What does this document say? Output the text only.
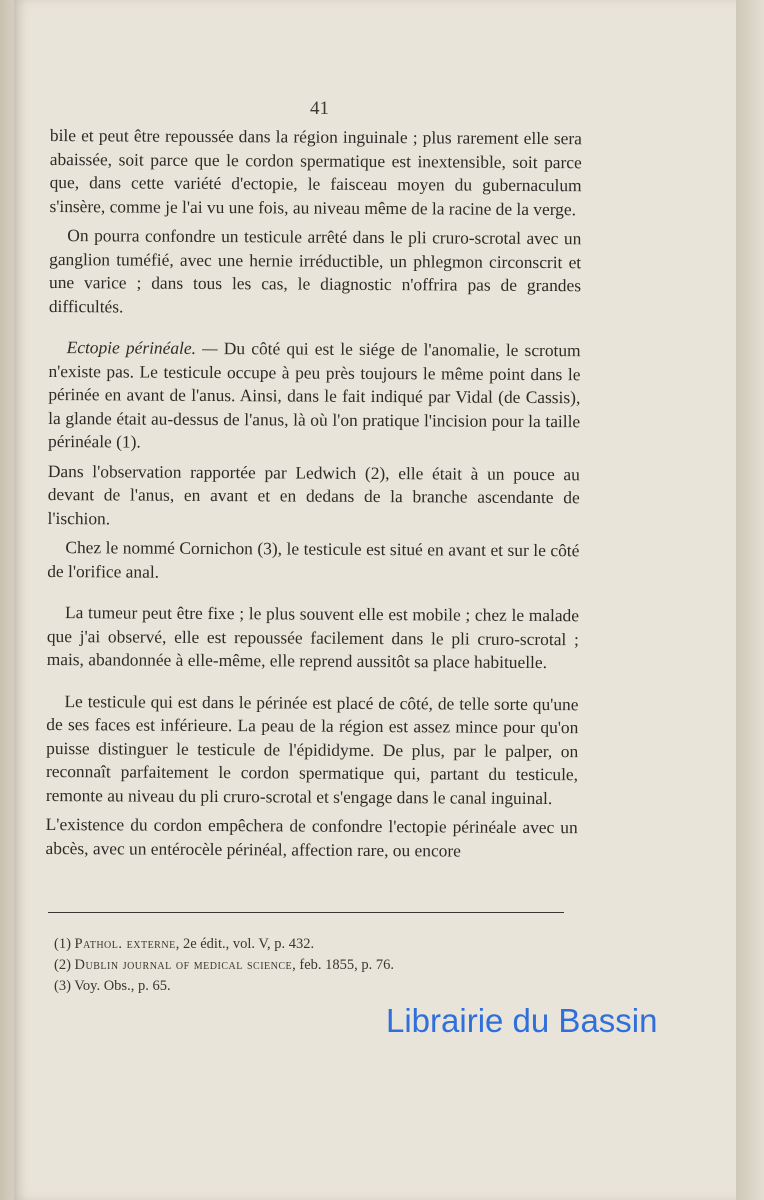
41

bile et peut être repoussée dans la région inguinale ; plus rarement elle sera abaissée, soit parce que le cordon spermatique est inextensible, soit parce que, dans cette variété d'ectopie, le faisceau moyen du gubernaculum s'insère, comme je l'ai vu une fois, au niveau même de la racine de la verge.

On pourra confondre un testicule arrêté dans le pli cruro-scrotal avec un ganglion tuméfié, avec une hernie irréductible, un phlegmon circonscrit et une varice ; dans tous les cas, le diagnostic n'offrira pas de grandes difficultés.

Ectopie périnéale. — Du côté qui est le siége de l'anomalie, le scrotum n'existe pas. Le testicule occupe à peu près toujours le même point dans le périnée en avant de l'anus. Ainsi, dans le fait indiqué par Vidal (de Cassis), la glande était au-dessus de l'anus, là où l'on pratique l'incision pour la taille périnéale (1).

Dans l'observation rapportée par Ledwich (2), elle était à un pouce au devant de l'anus, en avant et en dedans de la branche ascendante de l'ischion.

Chez le nommé Cornichon (3), le testicule est situé en avant et sur le côté de l'orifice anal.

La tumeur peut être fixe ; le plus souvent elle est mobile ; chez le malade que j'ai observé, elle est repoussée facilement dans le pli cruro-scrotal ; mais, abandonnée à elle-même, elle reprend aussitôt sa place habituelle.

Le testicule qui est dans le périnée est placé de côté, de telle sorte qu'une de ses faces est inférieure. La peau de la région est assez mince pour qu'on puisse distinguer le testicule de l'épididyme. De plus, par le palper, on reconnaît parfaitement le cordon spermatique qui, partant du testicule, remonte au niveau du pli cruro-scrotal et s'engage dans le canal inguinal.

L'existence du cordon empêchera de confondre l'ectopie périnéale avec un abcès, avec un entérocèle périnéal, affection rare, ou encore

(1) Pathol. externe, 2e édit., vol. V, p. 432.
(2) Dublin journal of medical science, feb. 1855, p. 76.
(3) Voy. Obs., p. 65.
Librairie du Bassin
